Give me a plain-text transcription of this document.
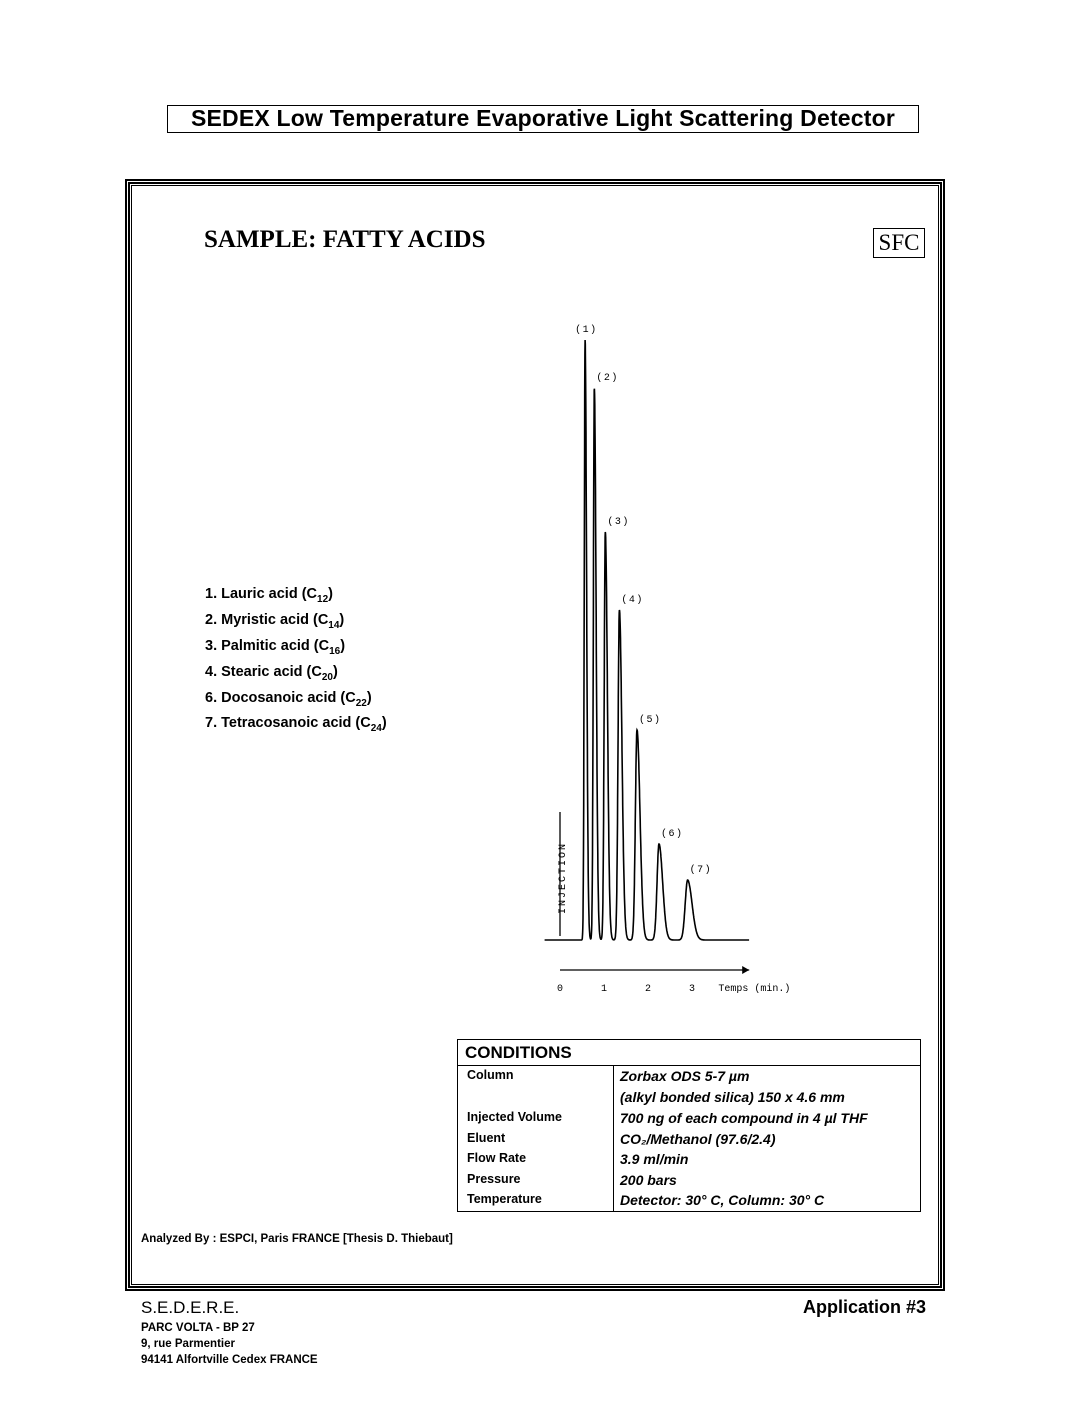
SEDEX Low Temperature Evaporative Light Scattering Detector
SAMPLE: FATTY ACIDS	SFC
1. Lauric acid $(C_{12})$
2. Myristic acid $(C_{14})$
3. Palmitic acid $(C_{16})$
4. Stearic acid $(C_{20})$
6. Docosanoic acid $(C_{22})$
7. Tetracosanoic acid $(C_{24})$
INJECTION
(1)
(2)
(3)
(4)
(5)
(6)
(7)
0	1	2	3 Temps (min.)
CONDITIONS
Column	Zorbax ODS 5-7 µm
(alkyl bonded silica) 150 x 4.6 mm
Injected Volume	700 ng of each compound in 4 µl THF
Eluent	CO₂/Methanol (97.6/2.4)
Flow Rate	3.9 ml/min
Pressure	200 bars
Temperature	Detector: 30° C, Column: 30° C
Analyzed By : ESPCI, Paris FRANCE [Thesis D. Thiebaut]
S.E.D.E.R.E.
PARC VOLTA - BP 27
9, rue Parmentier
94141 Alfortville Cedex FRANCE
Application #3
